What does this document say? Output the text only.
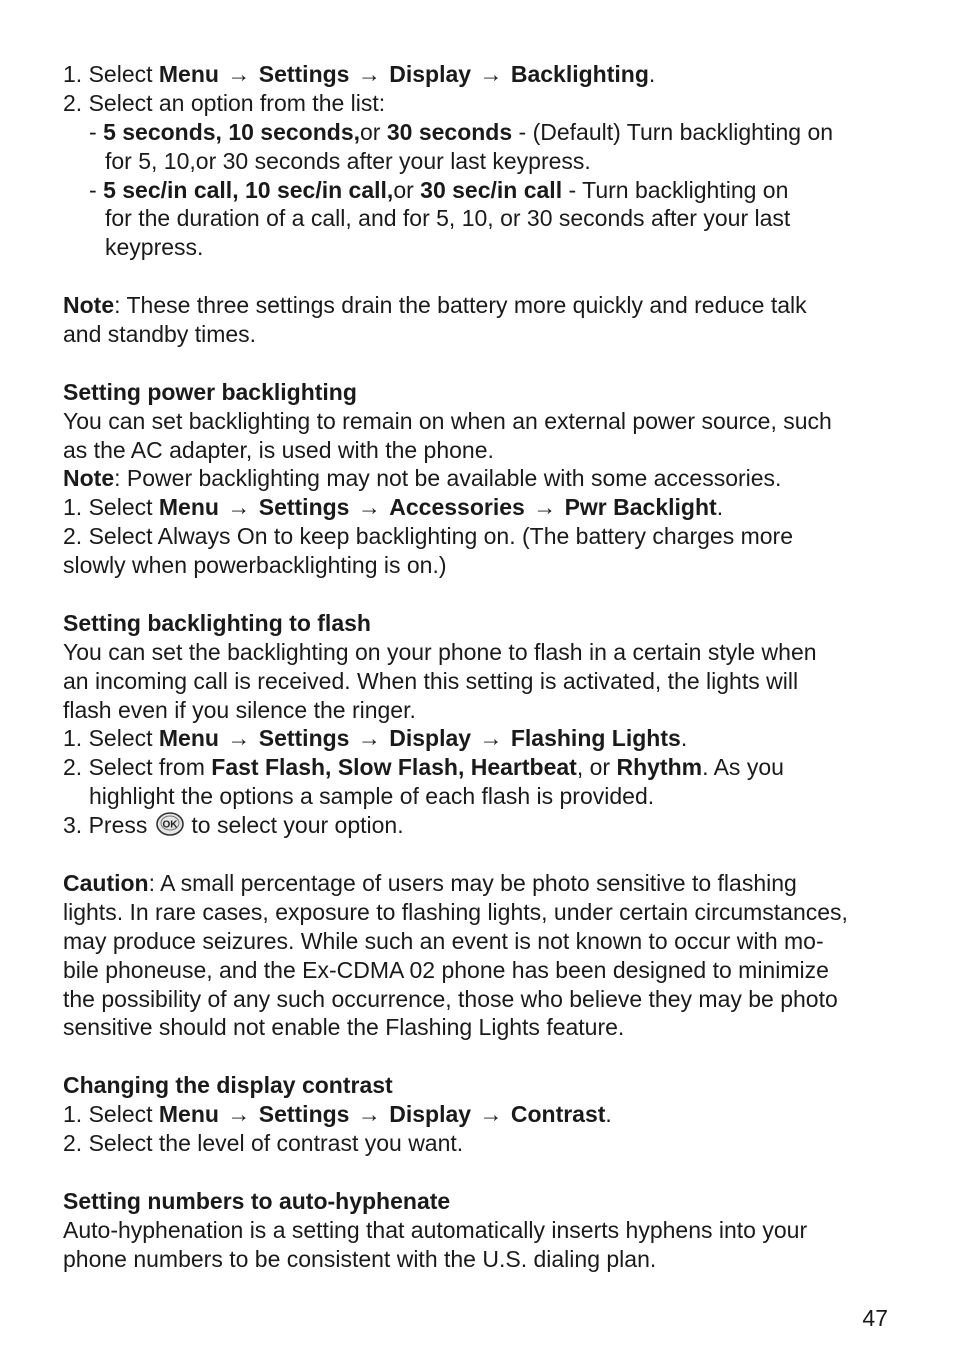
1. Select Menu → Settings → Display → Backlighting.
2. Select an option from the list:
- 5 seconds, 10 seconds,or 30 seconds - (Default) Turn backlighting on
for 5, 10,or 30 seconds after your last keypress.
- 5 sec/in call, 10 sec/in call,or 30 sec/in call - Turn backlighting on
for the duration of a call, and for 5, 10, or 30 seconds after your last
keypress.
Note: These three settings drain the battery more quickly and reduce talk
and standby times.
Setting power backlighting
You can set backlighting to remain on when an external power source, such
as the AC adapter, is used with the phone.
Note: Power backlighting may not be available with some accessories.
1. Select Menu → Settings → Accessories → Pwr Backlight.
2. Select Always On to keep backlighting on. (The battery charges more
slowly when powerbacklighting is on.)
Setting backlighting to flash
You can set the backlighting on your phone to flash in a certain style when
an incoming call is received. When this setting is activated, the lights will
flash even if you silence the ringer.
1. Select Menu → Settings → Display → Flashing Lights.
2. Select from Fast Flash, Slow Flash, Heartbeat, or Rhythm. As you
highlight the options a sample of each flash is provided.
3. Press OK to select your option.
Caution: A small percentage of users may be photo sensitive to flashing
lights. In rare cases, exposure to flashing lights, under certain circumstances,
may produce seizures. While such an event is not known to occur with mo-
bile phoneuse, and the Ex-CDMA 02 phone has been designed to minimize
the possibility of any such occurrence, those who believe they may be photo
sensitive should not enable the Flashing Lights feature.
Changing the display contrast
1. Select Menu → Settings → Display → Contrast.
2. Select the level of contrast you want.
Setting numbers to auto-hyphenate
Auto-hyphenation is a setting that automatically inserts hyphens into your
phone numbers to be consistent with the U.S. dialing plan.
47
